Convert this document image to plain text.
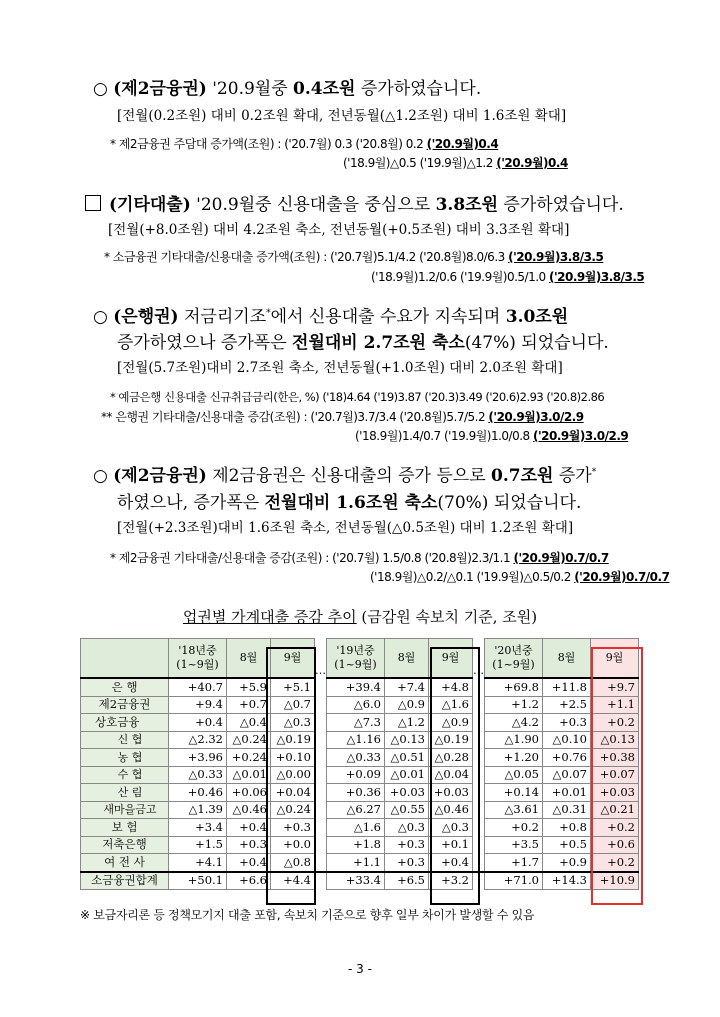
○ (제2금융권) '20.9월중 0.4조원 증가하였습니다.
[전월(0.2조원) 대비 0.2조원 확대, 전년동월(△1.2조원) 대비 1.6조원 확대]
* 제2금융권 주담대 증가액(조원) : ('20.7월) 0.3 ('20.8월) 0.2 ('20.9월)0.4
('18.9월)△0.5 ('19.9월)△1.2 ('20.9월)0.4
(기타대출) '20.9월중 신용대출을 중심으로 3.8조원 증가하였습니다.
[전월(+8.0조원) 대비 4.2조원 축소, 전년동월(+0.5조원) 대비 3.3조원 확대]
* 소금융권 기타대출/신용대출 증가액(조원) : ('20.7월)5.1/4.2 ('20.8월)8.0/6.3 ('20.9월)3.8/3.5
('18.9월)1.2/0.6 ('19.9월)0.5/1.0 ('20.9월)3.8/3.5
○ (은행권) 저금리기조*에서 신용대출 수요가 지속되며 3.0조원
증가하였으나 증가폭은 전월대비 2.7조원 축소(47%) 되었습니다.
[전월(5.7조원)대비 2.7조원 축소, 전년동월(+1.0조원) 대비 2.0조원 확대]
* 예금은행 신용대출 신규취급금리(한은, %) ('18)4.64 ('19)3.87 ('20.3)3.49 ('20.6)2.93 ('20.8)2.86
** 은행권 기타대출/신용대출 증감(조원) : ('20.7월)3.7/3.4 ('20.8월)5.7/5.2 ('20.9월)3.0/2.9
('18.9월)1.4/0.7 ('19.9월)1.0/0.8 ('20.9월)3.0/2.9
○ (제2금융권) 제2금융권은 신용대출의 증가 등으로 0.7조원 증가*
하였으나, 증가폭은 전월대비 1.6조원 축소(70%) 되었습니다.
[전월(+2.3조원)대비 1.6조원 축소, 전년동월(△0.5조원) 대비 1.2조원 확대]
* 제2금융권 기타대출/신용대출 증감(조원) : ('20.7월) 1.5/0.8 ('20.8월)2.3/1.1 ('20.9월)0.7/0.7
('18.9월)△0.2/△0.1 ('19.9월)△0.5/0.2 ('20.9월)0.7/0.7
업권별 가계대출 증감 추이 (금감원 속보치 기준, 조원)
	'18년중
(1~9월)	8월	9월	…	'19년중
(1~9월)	8월	9월	…	'20년중
(1~9월)	8월	9월
은 행	+40.7	+5.9	+5.1		+39.4	+7.4	+4.8		+69.8	+11.8	+9.7
제2금융권	+9.4	+0.7	△0.7		△6.0	△0.9	△1.6		+1.2	+2.5	+1.1
상호금융	+0.4	△0.4	△0.3		△7.3	△1.2	△0.9		△4.2	+0.3	+0.2
신 협	△2.32	△0.24	△0.19		△1.16	△0.13	△0.19		△1.90	△0.10	△0.13
농 협	+3.96	+0.24	+0.10		△0.33	△0.51	△0.28		+1.20	+0.76	+0.38
수 협	△0.33	△0.01	△0.00		+0.09	△0.01	△0.04		△0.05	△0.07	+0.07
산 림	+0.46	+0.06	+0.04		+0.36	+0.03	+0.03		+0.14	+0.01	+0.03
새마을금고	△1.39	△0.46	△0.24		△6.27	△0.55	△0.46		△3.61	△0.31	△0.21
보 험	+3.4	+0.4	+0.3		△1.6	△0.3	△0.3		+0.2	+0.8	+0.2
저축은행	+1.5	+0.3	+0.0		+1.8	+0.3	+0.1		+3.5	+0.5	+0.6
여 전 사	+4.1	+0.4	△0.8		+1.1	+0.3	+0.4		+1.7	+0.9	+0.2
소금융권합계	+50.1	+6.6	+4.4		+33.4	+6.5	+3.2		+71.0	+14.3	+10.9
※ 보금자리론 등 정책모기지 대출 포함, 속보치 기준으로 향후 일부 차이가 발생할 수 있음
- 3 -
